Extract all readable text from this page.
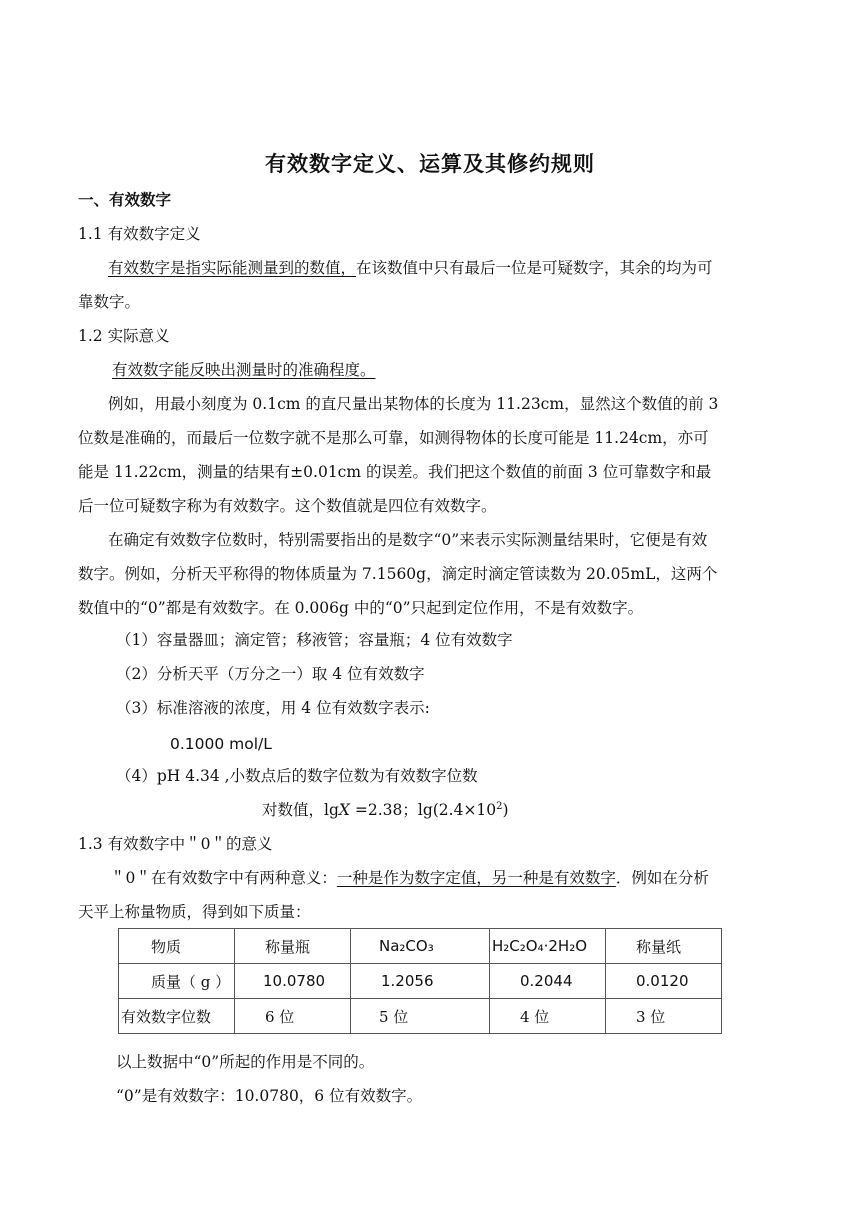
有效数字定义、运算及其修约规则
一、有效数字
1.1 有效数字定义
有效数字是指实际能测量到的数值，在该数值中只有最后一位是可疑数字，其余的均为可
靠数字。
1.2 实际意义
有效数字能反映出测量时的准确程度。
例如，用最小刻度为 0.1cm 的直尺量出某物体的长度为 11.23cm，显然这个数值的前 3
位数是准确的，而最后一位数字就不是那么可靠，如测得物体的长度可能是 11.24cm，亦可
能是 11.22cm，测量的结果有±0.01cm 的误差。我们把这个数值的前面 3 位可靠数字和最
后一位可疑数字称为有效数字。这个数值就是四位有效数字。
在确定有效数字位数时，特别需要指出的是数字“0”来表示实际测量结果时，它便是有效
数字。例如，分析天平称得的物体质量为 7.1560g，滴定时滴定管读数为 20.05mL，这两个
数值中的“0”都是有效数字。在 0.006g 中的“0”只起到定位作用，不是有效数字。
（1）容量器皿；滴定管；移液管；容量瓶；4 位有效数字
（2）分析天平（万分之一）取 4 位有效数字
（3）标准溶液的浓度，用 4 位有效数字表示:
0.1000 mol/L
（4）pH 4.34 ,小数点后的数字位数为有效数字位数
对数值，lgX =2.38；$\lg(2.4\times 10^2)$
1.3 有效数字中＂0＂的意义
＂0＂在有效数字中有两种意义：一种是作为数字定值，另一种是有效数字．例如在分析
天平上称量物质，得到如下质量：
物质	称量瓶	Na₂CO₃	H₂C₂O₄·2H₂O	称量纸
质量（ g ）	10.0780	1.2056	0.2044	0.0120
有效数字位数	6 位	5 位	4 位	3 位
以上数据中“0”所起的作用是不同的。
“0”是有效数字：10.0780，6 位有效数字。
